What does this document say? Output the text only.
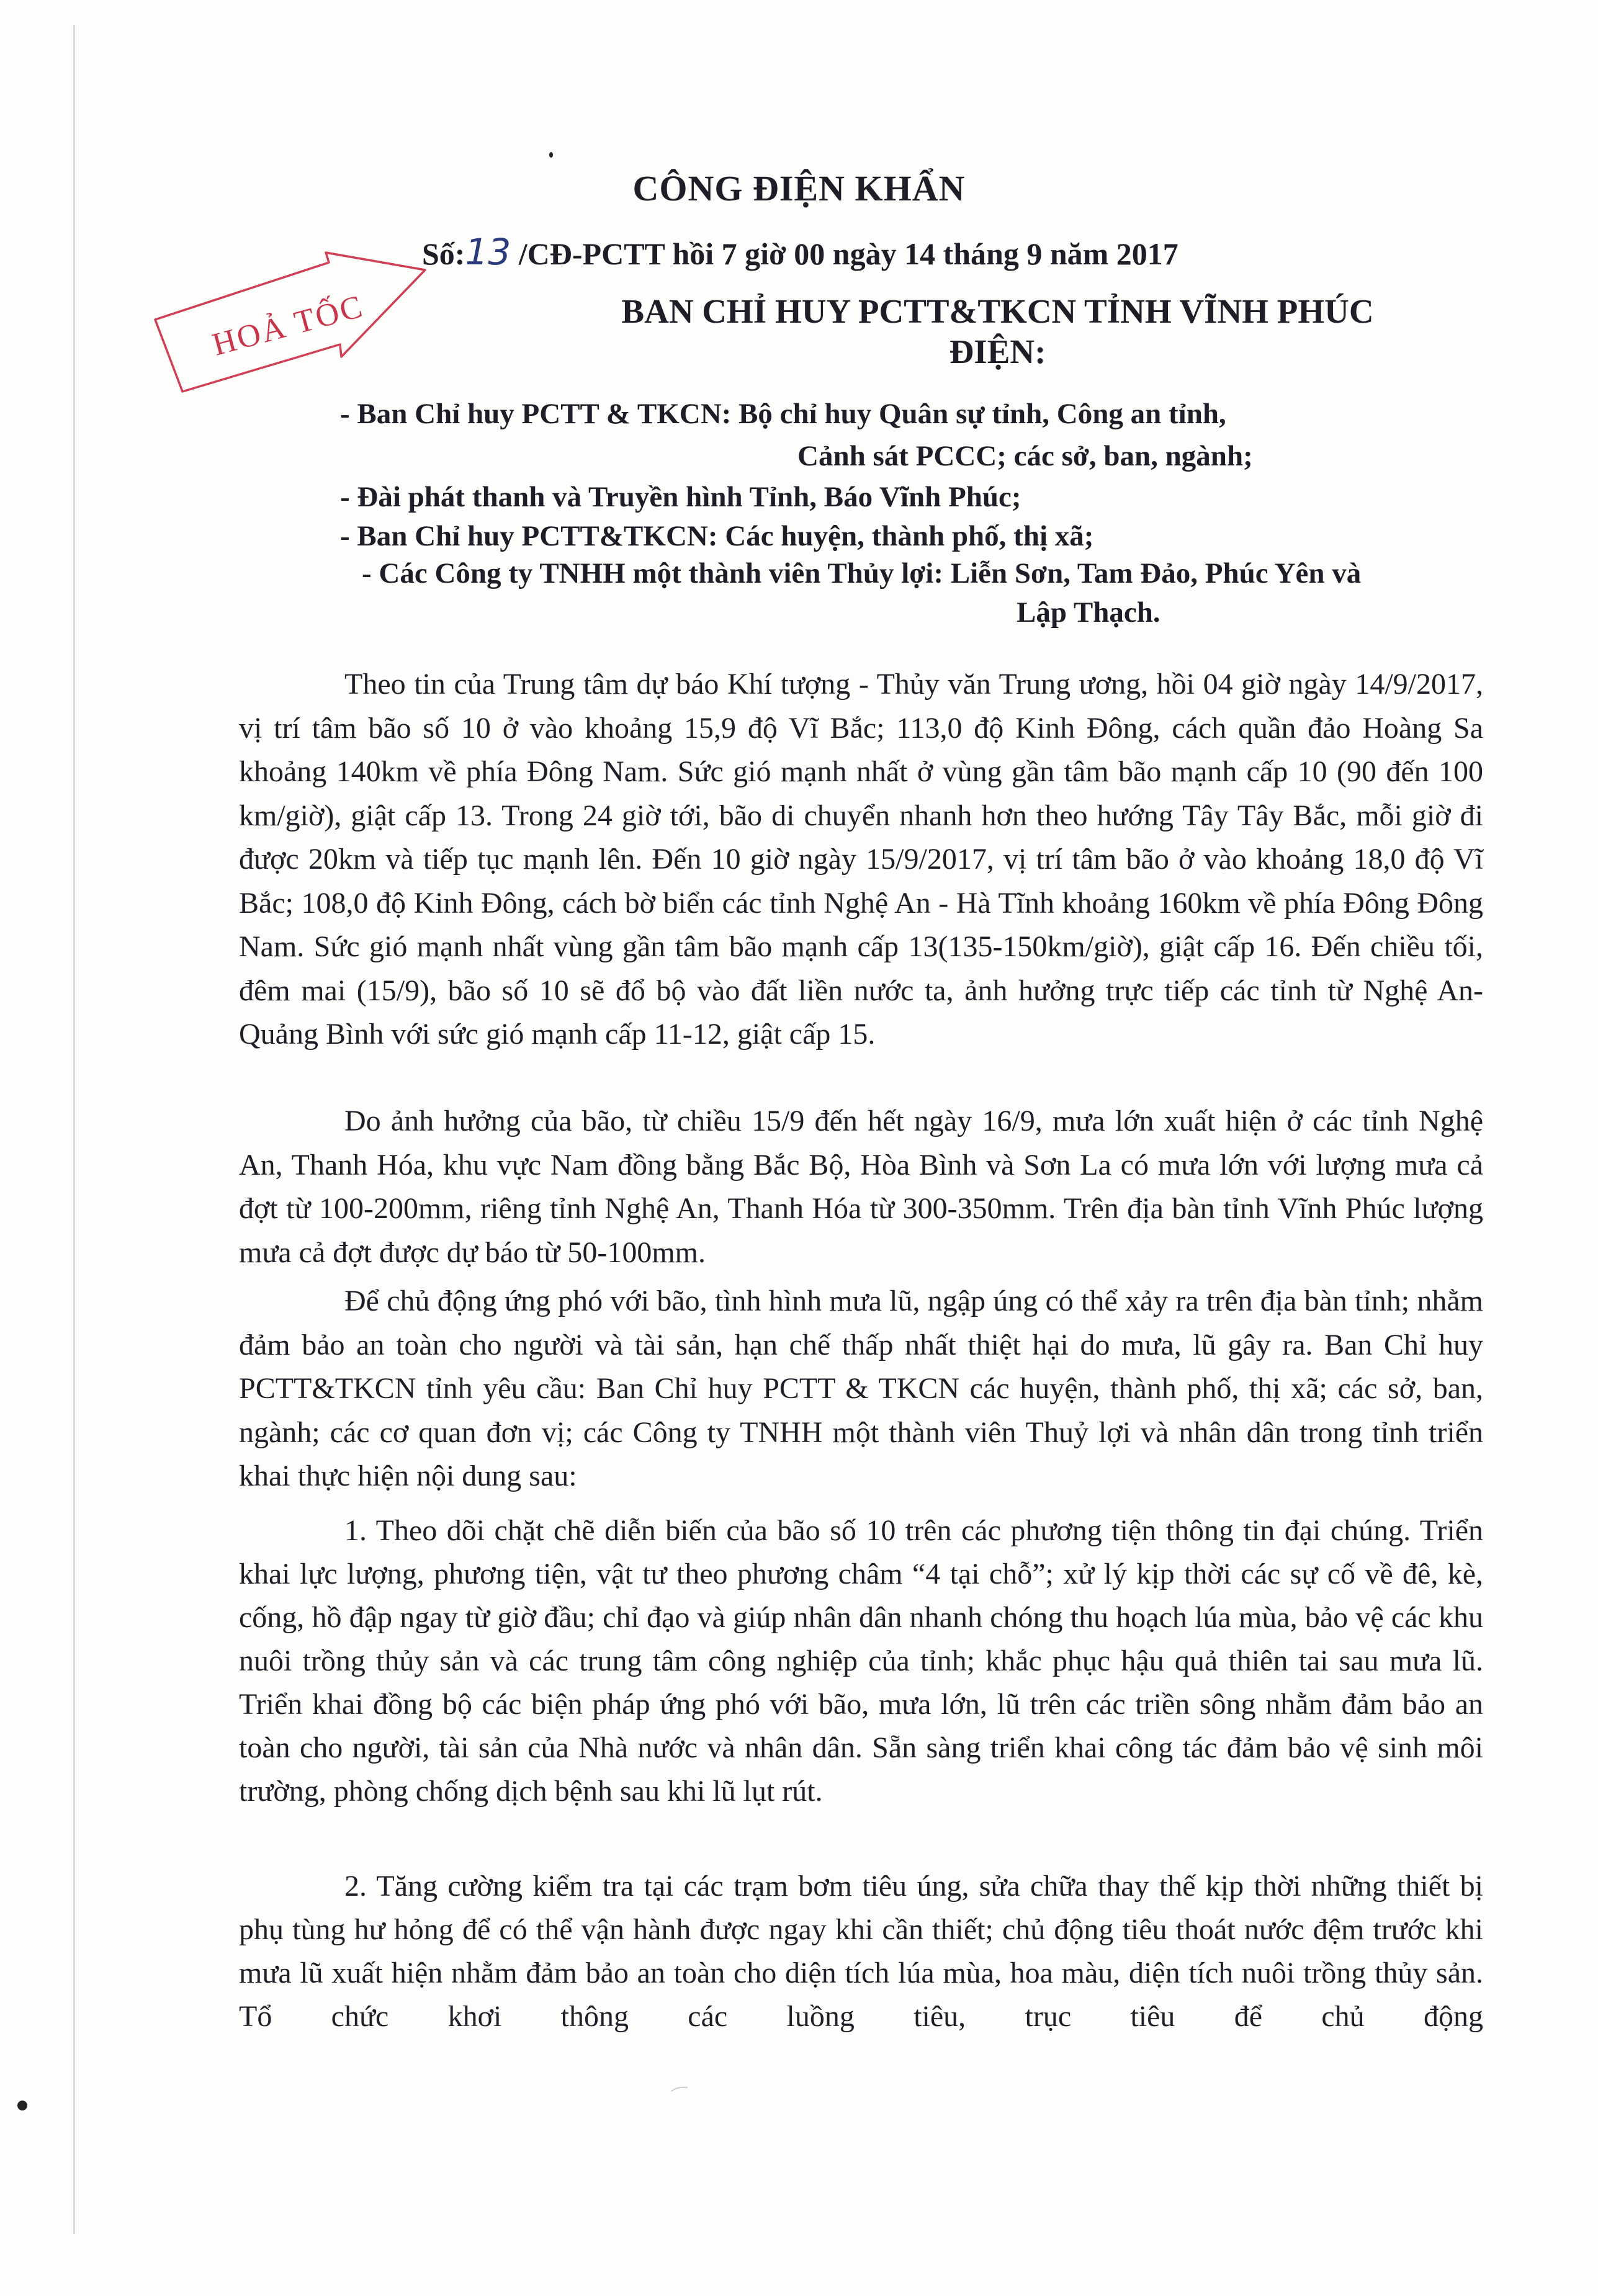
CÔNG ĐIỆN KHẨN
Số:13 /CĐ-PCTT hồi 7 giờ 00 ngày 14 tháng 9 năm 2017
HOẢ TỐC	BAN CHỈ HUY PCTT&TKCN TỈNH VĨNH PHÚC
ĐIỆN:
- Ban Chỉ huy PCTT & TKCN: Bộ chỉ huy Quân sự tỉnh, Công an tỉnh,
Cảnh sát PCCC; các sở, ban, ngành;
- Đài phát thanh và Truyền hình Tỉnh, Báo Vĩnh Phúc;
- Ban Chỉ huy PCTT&TKCN: Các huyện, thành phố, thị xã;
- Các Công ty TNHH một thành viên Thủy lợi: Liễn Sơn, Tam Đảo, Phúc Yên và
Lập Thạch.

Theo tin của Trung tâm dự báo Khí tượng - Thủy văn Trung ương, hồi 04 giờ ngày 14/9/2017, vị trí tâm bão số 10 ở vào khoảng 15,9 độ Vĩ Bắc; 113,0 độ Kinh Đông, cách quần đảo Hoàng Sa khoảng 140km về phía Đông Nam. Sức gió mạnh nhất ở vùng gần tâm bão mạnh cấp 10 (90 đến 100 km/giờ), giật cấp 13. Trong 24 giờ tới, bão di chuyển nhanh hơn theo hướng Tây Tây Bắc, mỗi giờ đi được 20km và tiếp tục mạnh lên. Đến 10 giờ ngày 15/9/2017, vị trí tâm bão ở vào khoảng 18,0 độ Vĩ Bắc; 108,0 độ Kinh Đông, cách bờ biển các tỉnh Nghệ An - Hà Tĩnh khoảng 160km về phía Đông Đông Nam. Sức gió mạnh nhất vùng gần tâm bão mạnh cấp 13(135-150km/giờ), giật cấp 16. Đến chiều tối, đêm mai (15/9), bão số 10 sẽ đổ bộ vào đất liền nước ta, ảnh hưởng trực tiếp các tỉnh từ Nghệ An- Quảng Bình với sức gió mạnh cấp 11-12, giật cấp 15.

Do ảnh hưởng của bão, từ chiều 15/9 đến hết ngày 16/9, mưa lớn xuất hiện ở các tỉnh Nghệ An, Thanh Hóa, khu vực Nam đồng bằng Bắc Bộ, Hòa Bình và Sơn La có mưa lớn với lượng mưa cả đợt từ 100-200mm, riêng tỉnh Nghệ An, Thanh Hóa từ 300-350mm. Trên địa bàn tỉnh Vĩnh Phúc lượng mưa cả đợt được dự báo từ 50-100mm.

Để chủ động ứng phó với bão, tình hình mưa lũ, ngập úng có thể xảy ra trên địa bàn tỉnh; nhằm đảm bảo an toàn cho người và tài sản, hạn chế thấp nhất thiệt hại do mưa, lũ gây ra. Ban Chỉ huy PCTT&TKCN tỉnh yêu cầu: Ban Chỉ huy PCTT & TKCN các huyện, thành phố, thị xã; các sở, ban, ngành; các cơ quan đơn vị; các Công ty TNHH một thành viên Thuỷ lợi và nhân dân trong tỉnh triển khai thực hiện nội dung sau:

1. Theo dõi chặt chẽ diễn biến của bão số 10 trên các phương tiện thông tin đại chúng. Triển khai lực lượng, phương tiện, vật tư theo phương châm “4 tại chỗ”; xử lý kịp thời các sự cố về đê, kè, cống, hồ đập ngay từ giờ đầu; chỉ đạo và giúp nhân dân nhanh chóng thu hoạch lúa mùa, bảo vệ các khu nuôi trồng thủy sản và các trung tâm công nghiệp của tỉnh; khắc phục hậu quả thiên tai sau mưa lũ. Triển khai đồng bộ các biện pháp ứng phó với bão, mưa lớn, lũ trên các triền sông nhằm đảm bảo an toàn cho người, tài sản của Nhà nước và nhân dân. Sẵn sàng triển khai công tác đảm bảo vệ sinh môi trường, phòng chống dịch bệnh sau khi lũ lụt rút.

2. Tăng cường kiểm tra tại các trạm bơm tiêu úng, sửa chữa thay thế kịp thời những thiết bị phụ tùng hư hỏng để có thể vận hành được ngay khi cần thiết; chủ động tiêu thoát nước đệm trước khi mưa lũ xuất hiện nhằm đảm bảo an toàn cho diện tích lúa mùa, hoa màu, diện tích nuôi trồng thủy sản. Tổ chức khơi thông các luồng tiêu, trục tiêu để chủ động
